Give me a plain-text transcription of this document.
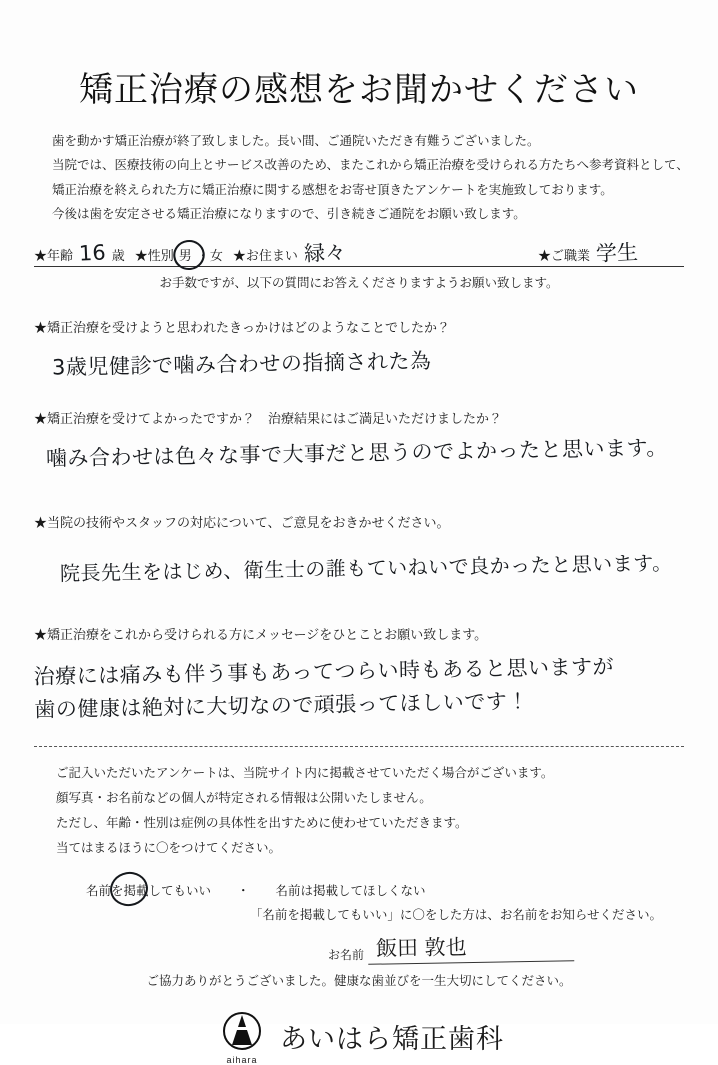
矯正治療の感想をお聞かせください
歯を動かす矯正治療が終了致しました。長い間、ご通院いただき有難うございました。
当院では、医療技術の向上とサービス改善のため、またこれから矯正治療を受けられる方たちへ参考資料として、
矯正治療を終えられた方に矯正治療に関する感想をお寄せ頂きたアンケートを実施致しております。
今後は歯を安定させる矯正治療になりますので、引き続きご通院をお願い致します。
★年齢 16 歳 ★性別 男 ・ 女 ★お住まい 緑々	★ご職業 学生
お手数ですが、以下の質問にお答えくださりますようお願い致します。
★矯正治療を受けようと思われたきっかけはどのようなことでしたか？
3歳児健診で噛み合わせの指摘された為
★矯正治療を受けてよかったですか？　治療結果にはご満足いただけましたか？
噛み合わせは色々な事で大事だと思うのでよかったと思います。
★当院の技術やスタッフの対応について、ご意見をおきかせください。
院長先生をはじめ、衛生士の誰もていねいで良かったと思います。
★矯正治療をこれから受けられる方にメッセージをひとことお願い致します。
治療には痛みも伴う事もあってつらい時もあると思いますが
歯の健康は絶対に大切なので頑張ってほしいです！
ご記入いただいたアンケートは、当院サイト内に掲載させていただく場合がございます。
顔写真・お名前などの個人が特定される情報は公開いたしません。
ただし、年齢・性別は症例の具体性を出すために使わせていただきます。
当てはまるほうに〇をつけてください。
名前を掲載してもいい	・	名前は掲載してほしくない
「名前を掲載してもいい」に〇をした方は、お名前をお知らせください。
お名前 飯田 敦也
ご協力ありがとうございました。健康な歯並びを一生大切にしてください。
aihara
あいはら矯正歯科
